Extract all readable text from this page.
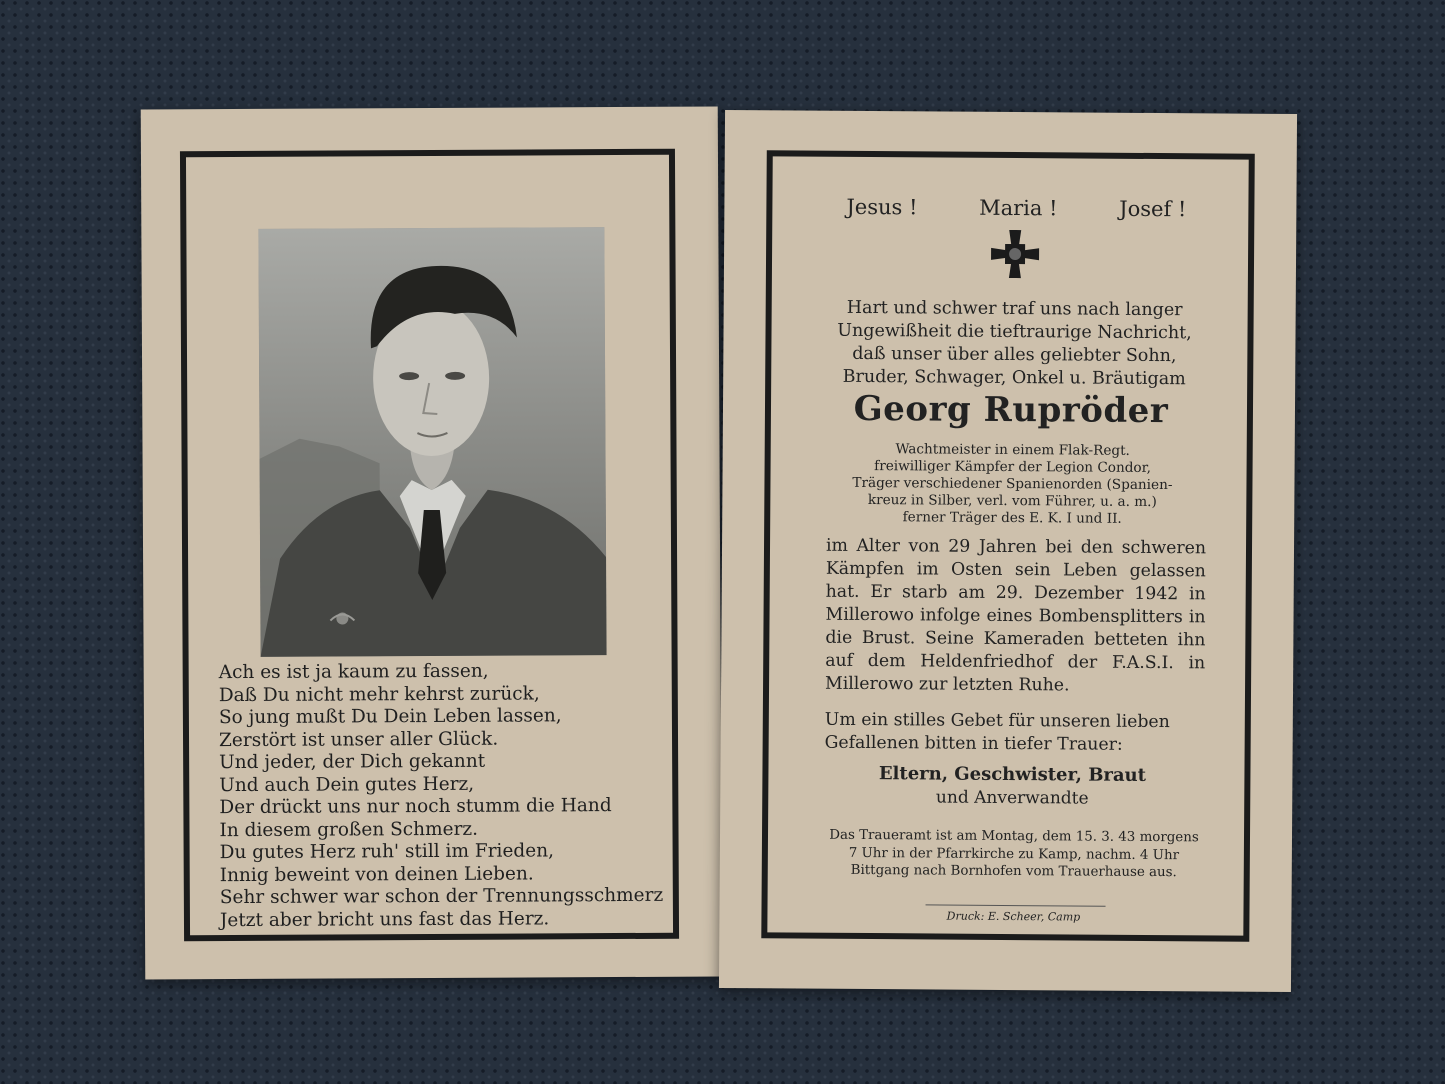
Ach es ist ja kaum zu fassen,
Daß Du nicht mehr kehrst zurück,
So jung mußt Du Dein Leben lassen,
Zerstört ist unser aller Glück.
Und jeder, der Dich gekannt
Und auch Dein gutes Herz,
Der drückt uns nur noch stumm die Hand
In diesem großen Schmerz.
Du gutes Herz ruh' still im Frieden,
Innig beweint von deinen Lieben.
Sehr schwer war schon der Trennungsschmerz
Jetzt aber bricht uns fast das Herz.
Jesus !	Maria !	Josef !
Hart und schwer traf uns nach langer Ungewißheit die tieftraurige Nachricht, daß unser über alles geliebter Sohn, Bruder, Schwager, Onkel u. Bräutigam
Georg Rupröder
Wachtmeister in einem Flak-Regt.
freiwilliger Kämpfer der Legion Condor,
Träger verschiedener Spanienorden (Spanien-
kreuz in Silber, verl. vom Führer, u. a. m.)
ferner Träger des E. K. I und II.
im Alter von 29 Jahren bei den schweren Kämpfen im Osten sein Leben gelassen hat. Er starb am 29. Dezember 1942 in Millerowo infolge eines Bombensplitters in die Brust. Seine Kameraden betteten ihn auf dem Heldenfriedhof der F.A.S.I. in Millerowo zur letzten Ruhe.
Um ein stilles Gebet für unseren lieben Gefallenen bitten in tiefer Trauer:
Eltern, Geschwister, Braut
und Anverwandte
Das Traueramt ist am Montag, dem 15. 3. 43 morgens 7 Uhr in der Pfarrkirche zu Kamp, nachm. 4 Uhr Bittgang nach Bornhofen vom Trauerhause aus.
Druck: E. Scheer, Camp
